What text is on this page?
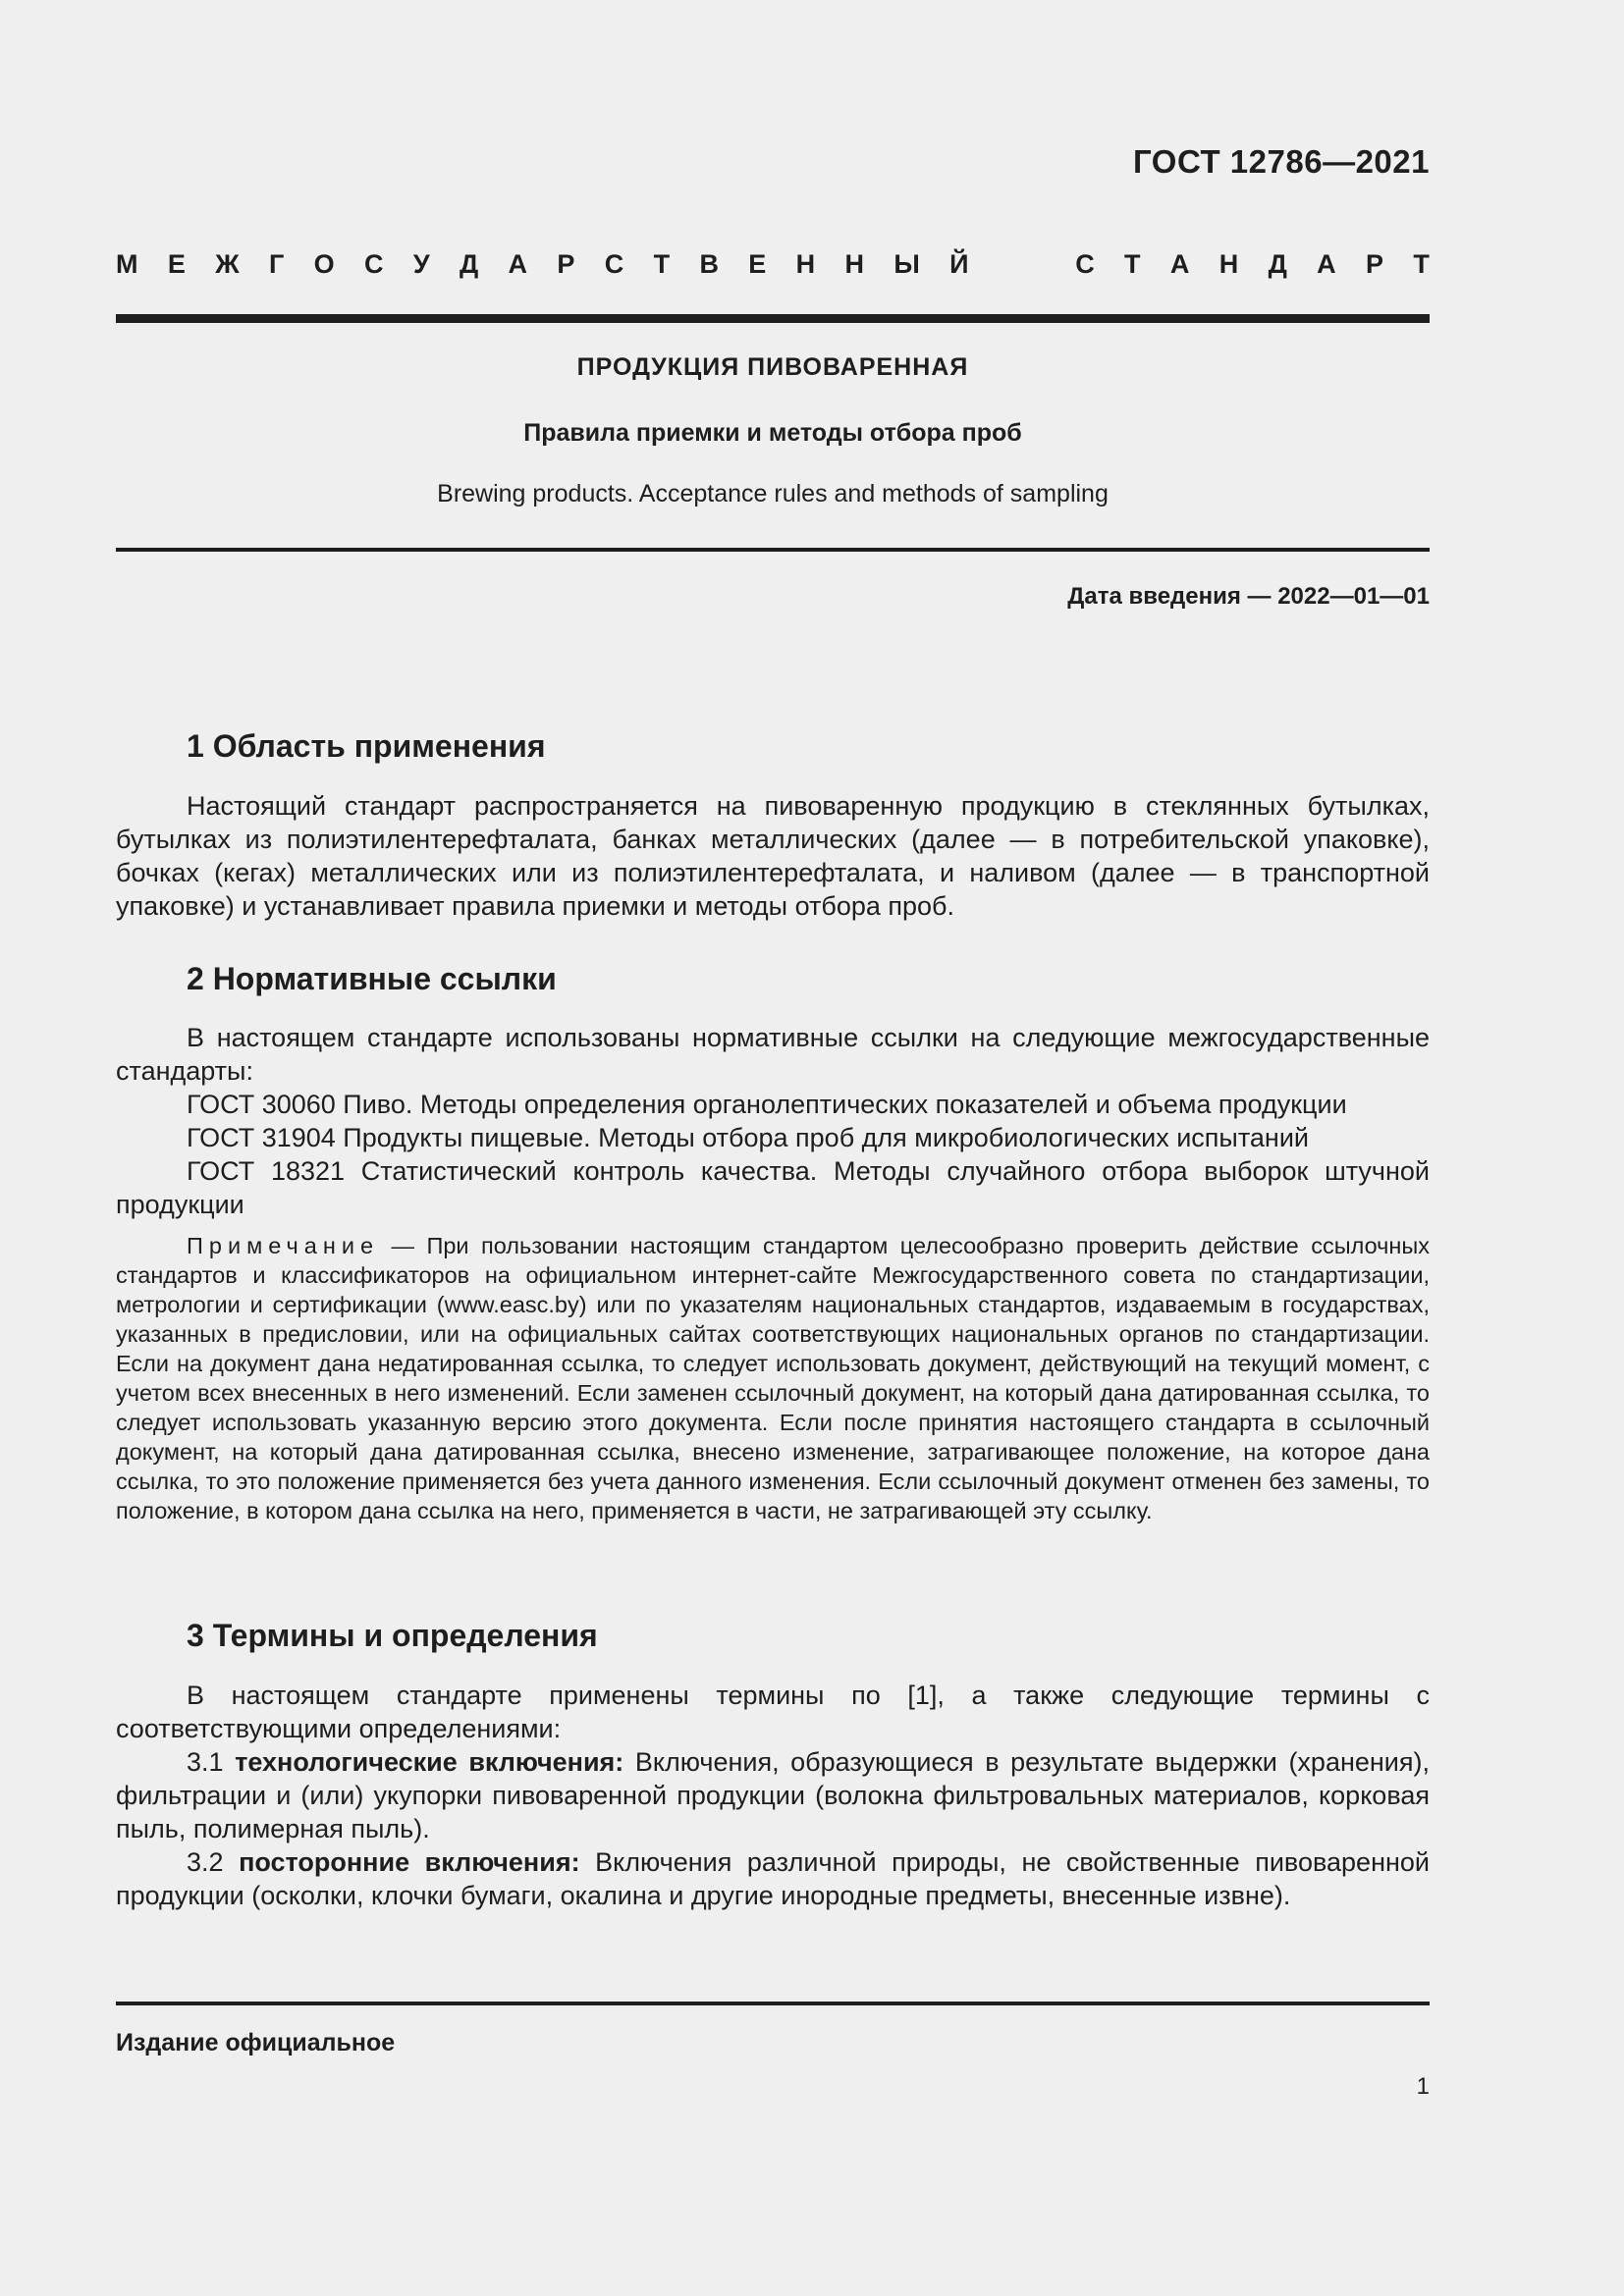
ГОСТ 12786—2021
М Е Ж Г О С У Д А Р С Т В Е Н Н Ы Й	С Т А Н Д А Р Т
ПРОДУКЦИЯ ПИВОВАРЕННАЯ
Правила приемки и методы отбора проб
Brewing products. Acceptance rules and methods of sampling
Дата введения — 2022—01—01
1 Область применения

Настоящий стандарт распространяется на пивоваренную продукцию в стеклянных бутылках, бутылках из полиэтилентерефталата, банках металлических (далее — в потребительской упаковке), бочках (кегах) металлических или из полиэтилентерефталата, и наливом (далее — в транспортной упаковке) и устанавливает правила приемки и методы отбора проб.

2 Нормативные ссылки

В настоящем стандарте использованы нормативные ссылки на следующие межгосударственные стандарты:

ГОСТ 30060 Пиво. Методы определения органолептических показателей и объема продукции

ГОСТ 31904 Продукты пищевые. Методы отбора проб для микробиологических испытаний

ГОСТ 18321 Статистический контроль качества. Методы случайного отбора выборок штучной продукции

Примечание — При пользовании настоящим стандартом целесообразно проверить действие ссылочных стандартов и классификаторов на официальном интернет-сайте Межгосударственного совета по стандартизации, метрологии и сертификации (www.easc.by) или по указателям национальных стандартов, издаваемым в государствах, указанных в предисловии, или на официальных сайтах соответствующих национальных органов по стандартизации. Если на документ дана недатированная ссылка, то следует использовать документ, действующий на текущий момент, с учетом всех внесенных в него изменений. Если заменен ссылочный документ, на который дана датированная ссылка, то следует использовать указанную версию этого документа. Если после принятия настоящего стандарта в ссылочный документ, на который дана датированная ссылка, внесено изменение, затрагивающее положение, на которое дана ссылка, то это положение применяется без учета данного изменения. Если ссылочный документ отменен без замены, то положение, в котором дана ссылка на него, применяется в части, не затрагивающей эту ссылку.

3 Термины и определения

В настоящем стандарте применены термины по [1], а также следующие термины с соответствующими определениями:

3.1 технологические включения: Включения, образующиеся в результате выдержки (хранения), фильтрации и (или) укупорки пивоваренной продукции (волокна фильтровальных материалов, корковая пыль, полимерная пыль).

3.2 посторонние включения: Включения различной природы, не свойственные пивоваренной продукции (осколки, клочки бумаги, окалина и другие инородные предметы, внесенные извне).

Издание официальное
1
